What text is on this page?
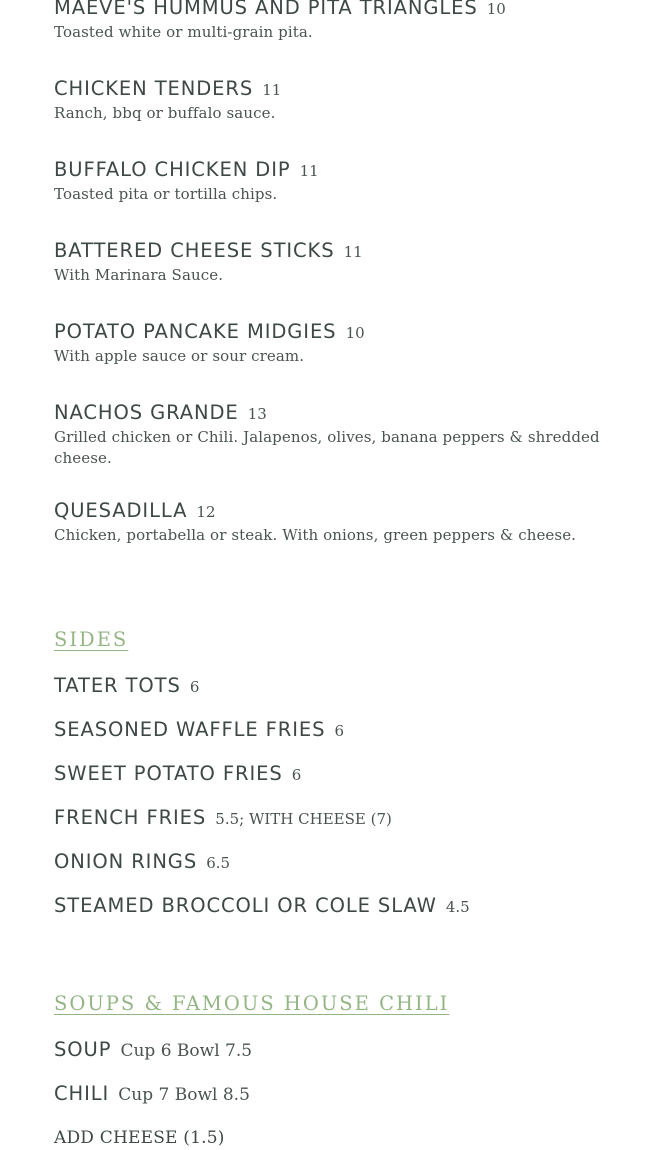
MAEVE'S HUMMUS AND PITA TRIANGLES 10
Toasted white or multi-grain pita.
CHICKEN TENDERS 11
Ranch, bbq or buffalo sauce.
BUFFALO CHICKEN DIP 11
Toasted pita or tortilla chips.
BATTERED CHEESE STICKS 11
With Marinara Sauce.
POTATO PANCAKE MIDGIES 10
With apple sauce or sour cream.
NACHOS GRANDE 13
Grilled chicken or Chili. Jalapenos, olives, banana peppers & shredded cheese.
QUESADILLA 12
Chicken, portabella or steak. With onions, green peppers & cheese.
SIDES
TATER TOTS 6
SEASONED WAFFLE FRIES 6
SWEET POTATO FRIES 6
FRENCH FRIES 5.5; WITH CHEESE (7)
ONION RINGS 6.5
STEAMED BROCCOLI OR COLE SLAW 4.5
SOUPS & FAMOUS HOUSE CHILI
SOUP Cup 6 Bowl 7.5
CHILI Cup 7 Bowl 8.5
ADD CHEESE (1.5)
